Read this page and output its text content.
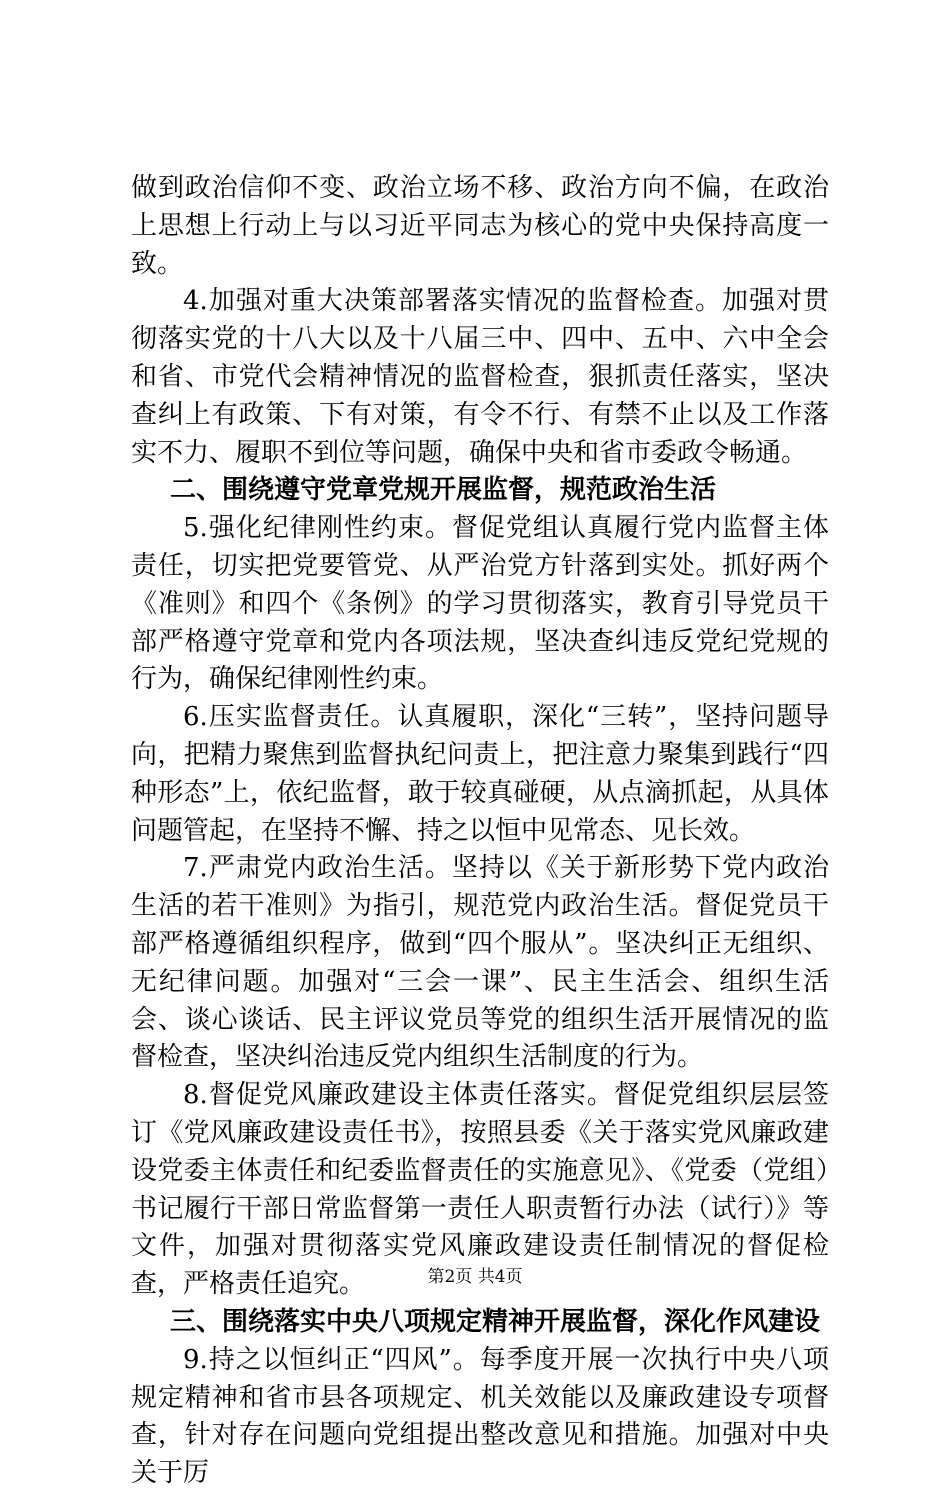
做到政治信仰不变、政治立场不移、政治方向不偏，在政治上思想上行动上与以习近平同志为核心的党中央保持高度一致。

4.加强对重大决策部署落实情况的监督检查。加强对贯彻落实党的十八大以及十八届三中、四中、五中、六中全会和省、市党代会精神情况的监督检查，狠抓责任落实，坚决查纠上有政策、下有对策，有令不行、有禁不止以及工作落实不力、履职不到位等问题，确保中央和省市委政令畅通。

二、围绕遵守党章党规开展监督，规范政治生活

5.强化纪律刚性约束。督促党组认真履行党内监督主体责任，切实把党要管党、从严治党方针落到实处。抓好两个《准则》和四个《条例》的学习贯彻落实，教育引导党员干部严格遵守党章和党内各项法规，坚决查纠违反党纪党规的行为，确保纪律刚性约束。

6.压实监督责任。认真履职，深化“三转”，坚持问题导向，把精力聚焦到监督执纪问责上，把注意力聚集到践行“四种形态”上，依纪监督，敢于较真碰硬，从点滴抓起，从具体问题管起，在坚持不懈、持之以恒中见常态、见长效。

7.严肃党内政治生活。坚持以《关于新形势下党内政治生活的若干准则》为指引，规范党内政治生活。督促党员干部严格遵循组织程序，做到“四个服从”。坚决纠正无组织、无纪律问题。加强对“三会一课”、民主生活会、组织生活会、谈心谈话、民主评议党员等党的组织生活开展情况的监督检查，坚决纠治违反党内组织生活制度的行为。

8.督促党风廉政建设主体责任落实。督促党组织层层签订《党风廉政建设责任书》，按照县委《关于落实党风廉政建设党委主体责任和纪委监督责任的实施意见》、《党委（党组）书记履行干部日常监督第一责任人职责暂行办法（试行）》等文件，加强对贯彻落实党风廉政建设责任制情况的督促检查，严格责任追究。

三、围绕落实中央八项规定精神开展监督，深化作风建设

9.持之以恒纠正“四风”。每季度开展一次执行中央八项规定精神和省市县各项规定、机关效能以及廉政建设专项督查，针对存在问题向党组提出整改意见和措施。加强对中央关于厉

第2页 共4页
